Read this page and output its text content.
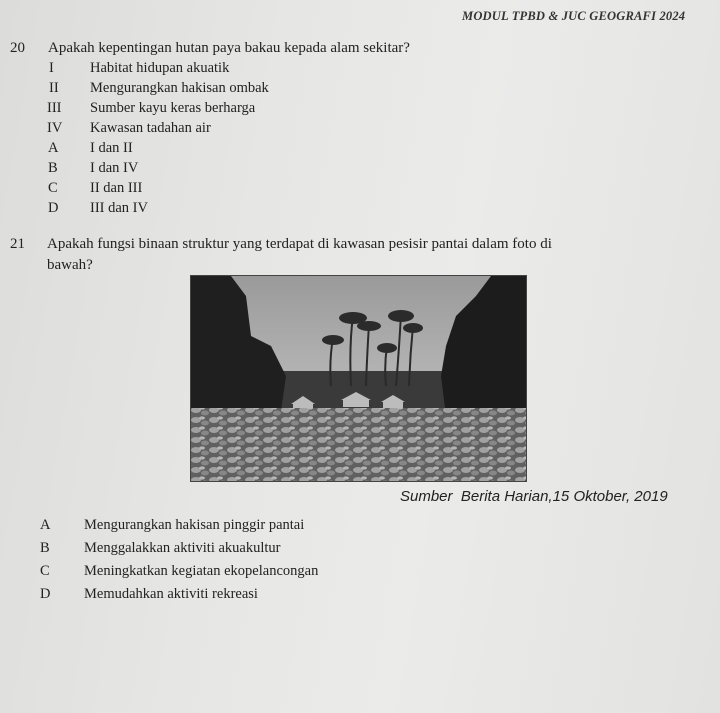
MODUL TPBD & JUC GEOGRAFI 2024
20 Apakah kepentingan hutan paya bakau kepada alam sekitar?
I Habitat hidupan akuatik
II Mengurangkan hakisan ombak
III Sumber kayu keras berharga
IV Kawasan tadahan air
A I dan II
B I dan IV
C II dan III
D III dan IV
21 Apakah fungsi binaan struktur yang terdapat di kawasan pesisir pantai dalam foto di
bawah?
Sumber Berita Harian,15 Oktober, 2019
A Mengurangkan hakisan pinggir pantai
B Menggalakkan aktiviti akuakultur
C Meningkatkan kegiatan ekopelancongan
D Memudahkan aktiviti rekreasi
